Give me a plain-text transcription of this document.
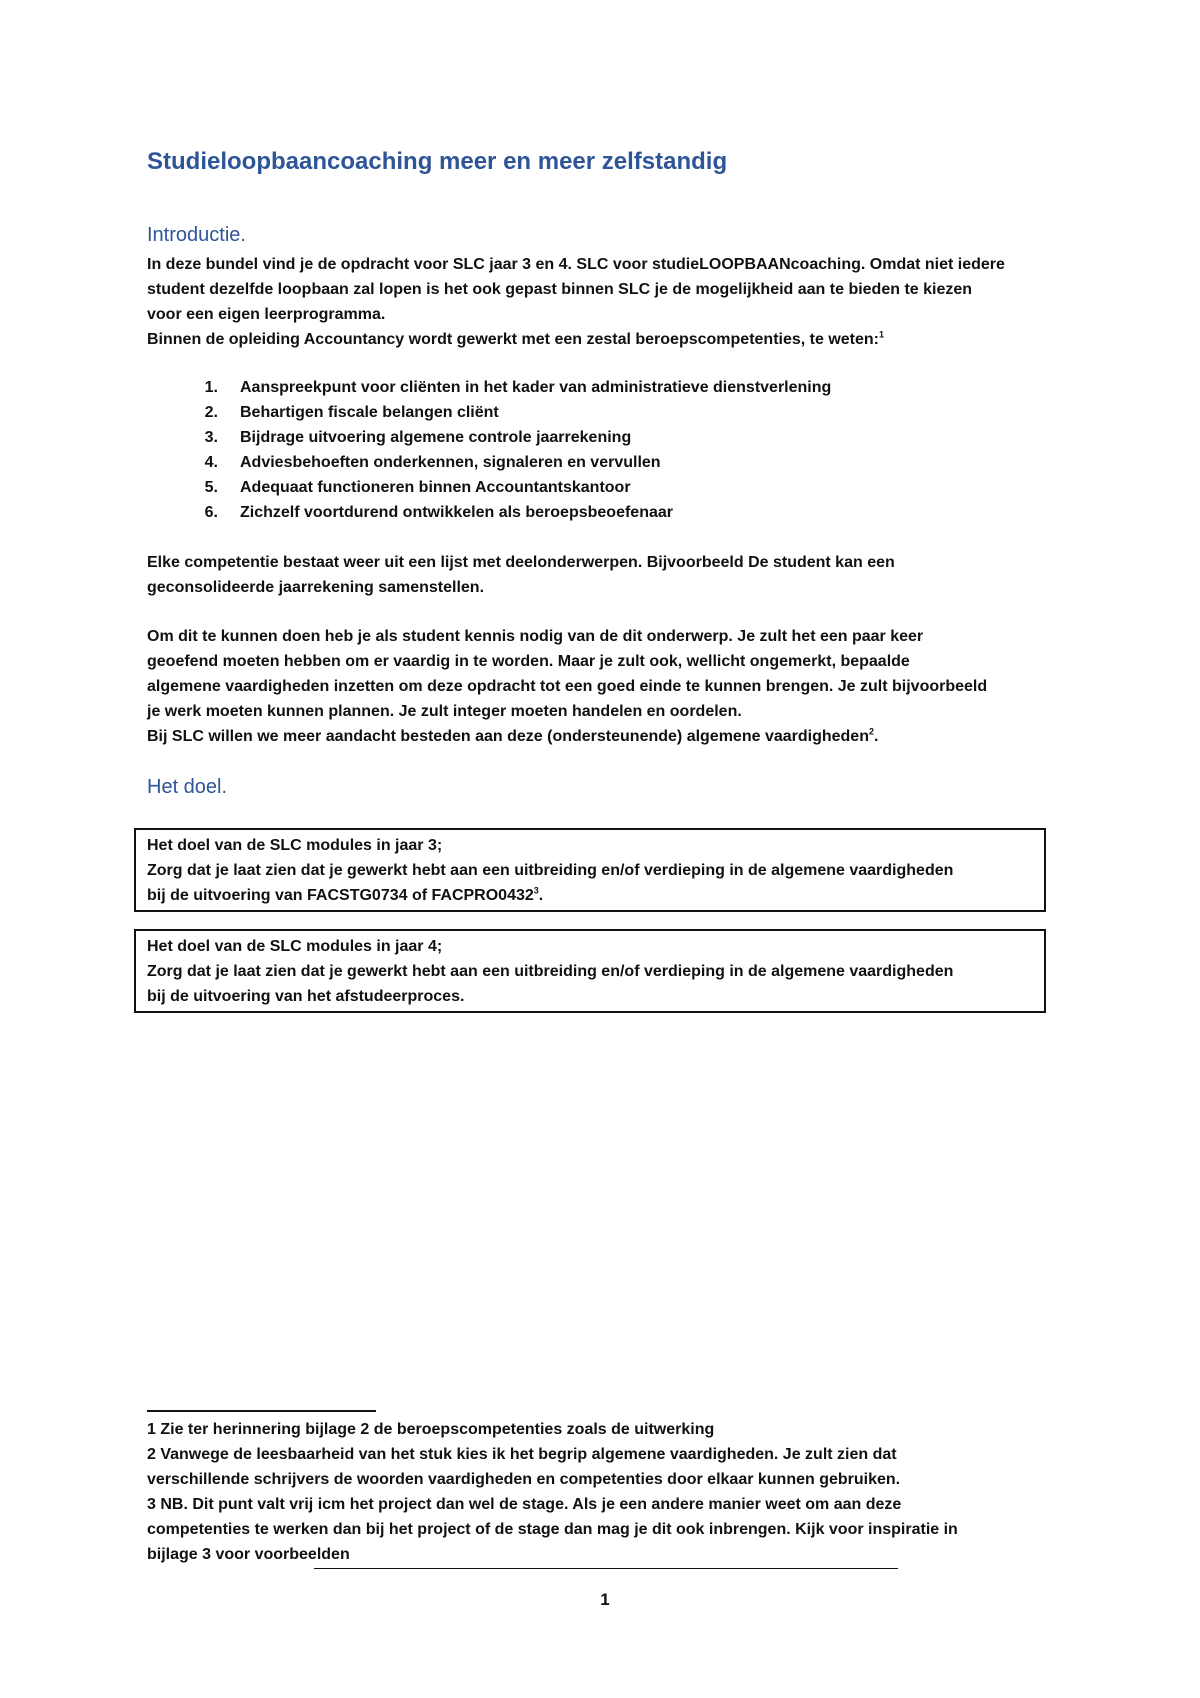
Studieloopbaancoaching meer en meer zelfstandig
Introductie.

In deze bundel vind je de opdracht voor SLC jaar 3 en 4. SLC voor studieLOOPBAANcoaching. Omdat niet iedere

student dezelfde loopbaan zal lopen is het ook gepast binnen SLC je de mogelijkheid aan te bieden te kiezen

voor een eigen leerprogramma.

Binnen de opleiding Accountancy wordt gewerkt met een zestal beroepscompetenties, te weten:$^1$

1.	Aanspreekpunt voor cliënten in het kader van administratieve dienstverlening
2.	Behartigen fiscale belangen cliënt
3.	Bijdrage uitvoering algemene controle jaarrekening
4.	Adviesbehoeften onderkennen, signaleren en vervullen
5.	Adequaat functioneren binnen Accountantskantoor
6.	Zichzelf voortdurend ontwikkelen als beroepsbeoefenaar

Elke competentie bestaat weer uit een lijst met deelonderwerpen. Bijvoorbeeld De student kan een

geconsolideerde jaarrekening samenstellen.

Om dit te kunnen doen heb je als student kennis nodig van de dit onderwerp. Je zult het een paar keer

geoefend moeten hebben om er vaardig in te worden. Maar je zult ook, wellicht ongemerkt, bepaalde

algemene vaardigheden inzetten om deze opdracht tot een goed einde te kunnen brengen. Je zult bijvoorbeeld

je werk moeten kunnen plannen. Je zult integer moeten handelen en oordelen.

Bij SLC willen we meer aandacht besteden aan deze (ondersteunende) algemene vaardigheden$^2$.

Het doel.

Het doel van de SLC modules in jaar 3;

Zorg dat je laat zien dat je gewerkt hebt aan een uitbreiding en/of verdieping in de algemene vaardigheden

bij de uitvoering van FACSTG0734 of FACPRO0432$^3$.

Het doel van de SLC modules in jaar 4;

Zorg dat je laat zien dat je gewerkt hebt aan een uitbreiding en/of verdieping in de algemene vaardigheden

bij de uitvoering van het afstudeerproces.

1 Zie ter herinnering bijlage 2 de beroepscompetenties zoals de uitwerking

2 Vanwege de leesbaarheid van het stuk kies ik het begrip algemene vaardigheden. Je zult zien dat

verschillende schrijvers de woorden vaardigheden en competenties door elkaar kunnen gebruiken.

3 NB. Dit punt valt vrij icm het project dan wel de stage. Als je een andere manier weet om aan deze

competenties te werken dan bij het project of de stage dan mag je dit ook inbrengen. Kijk voor inspiratie in

bijlage 3 voor voorbeelden

1
